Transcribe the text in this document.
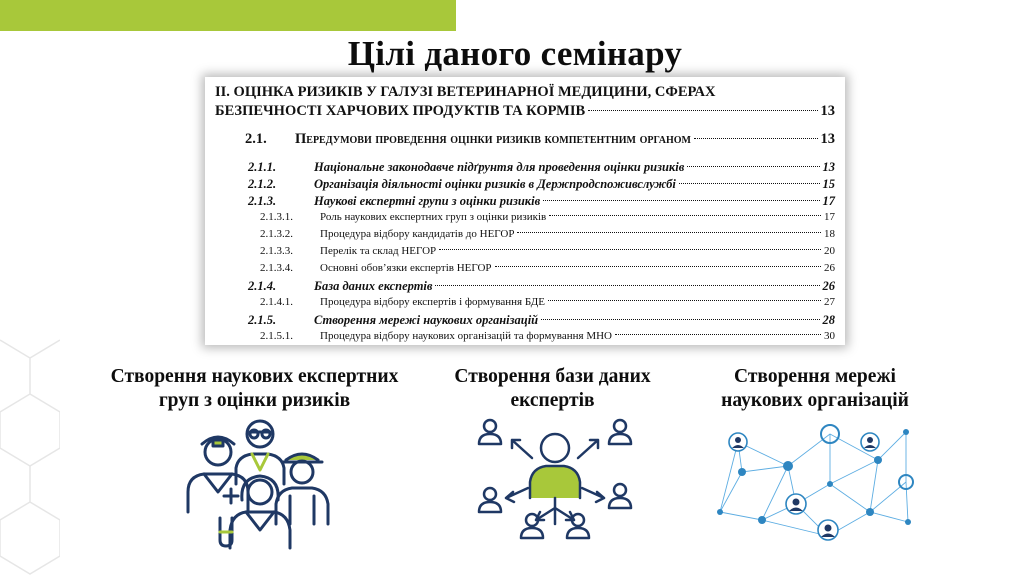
Цілі даного семінару
ІІ. ОЦІНКА РИЗИКІВ У ГАЛУЗІ ВЕТЕРИНАРНОЇ МЕДИЦИНИ, СФЕРАХ
БЕЗПЕЧНОСТІ ХАРЧОВИХ ПРОДУКТІВ ТА КОРМІВ	13
2.1.	Передумови проведення оцінки ризиків компетентним органом	13
2.1.1.	Національне законодавче підґрунтя для проведення оцінки ризиків	13
2.1.2.	Організація діяльності оцінки ризиків в Держпродспоживслужбі	15
2.1.3.	Наукові експертні групи з оцінки ризиків	17
2.1.3.1.	Роль наукових експертних груп з оцінки ризиків	17
2.1.3.2.	Процедура відбору кандидатів до НЕГОР	18
2.1.3.3.	Перелік та склад НЕГОР	20
2.1.3.4.	Основні обов’язки експертів НЕГОР	26
2.1.4.	База даних експертів	26
2.1.4.1.	Процедура відбору експертів і формування БДЕ	27
2.1.5.	Створення мережі наукових організацій	28
2.1.5.1.	Процедура відбору наукових організацій та формування МНО	30
Створення наукових експертних
груп з оцінки ризиків
Створення бази даних
експертів
Створення мережі
наукових організацій
